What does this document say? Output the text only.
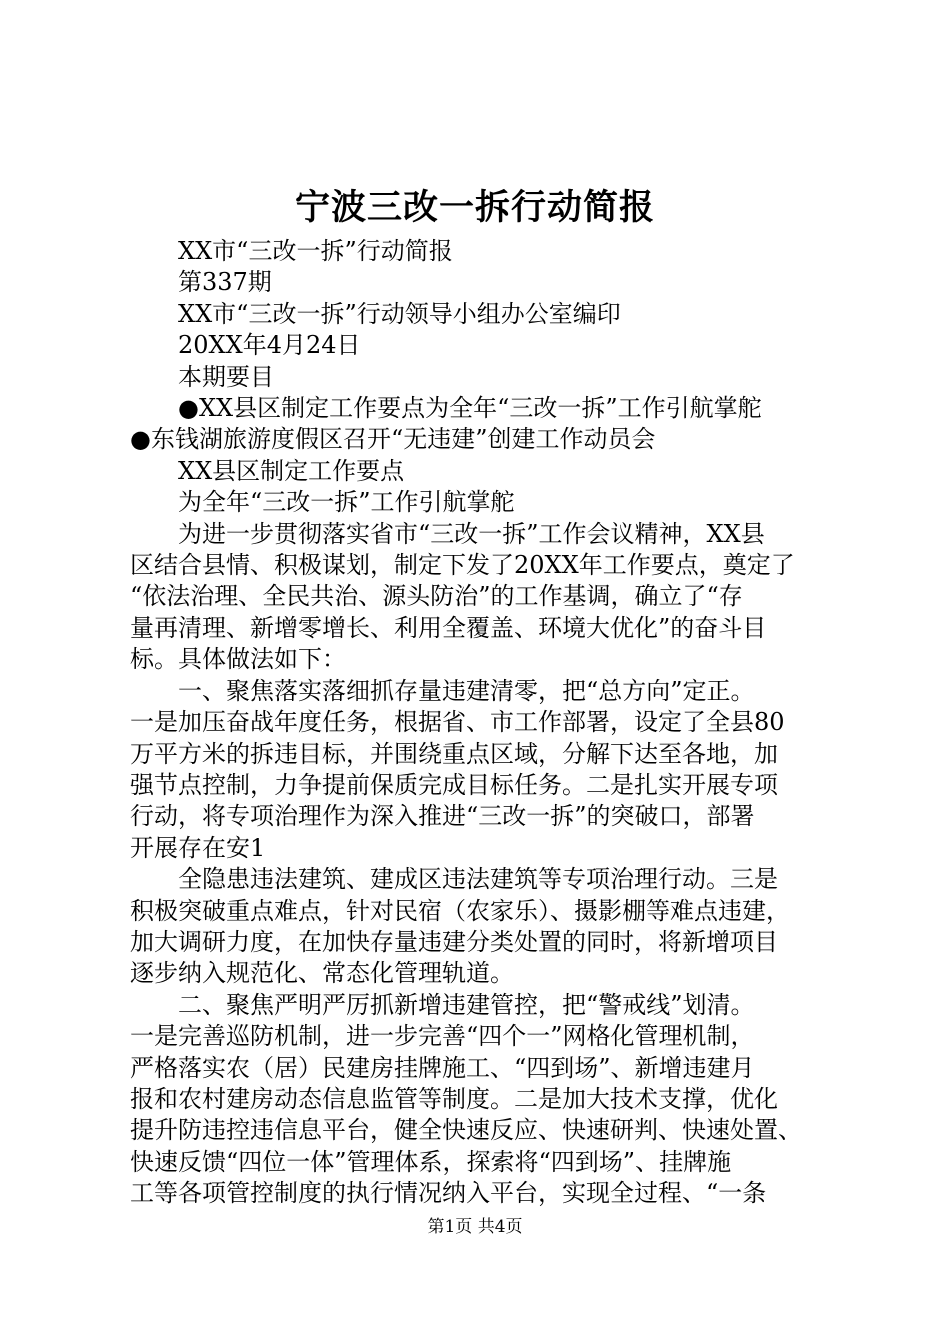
宁波三改一拆行动简报
XX市“三改一拆”行动简报
第337期
XX市“三改一拆”行动领导小组办公室编印
20XX年4月24日
本期要目
●XX县区制定工作要点为全年“三改一拆”工作引航掌舵
●东钱湖旅游度假区召开“无违建”创建工作动员会
XX县区制定工作要点
为全年“三改一拆”工作引航掌舵
为进一步贯彻落实省市“三改一拆”工作会议精神，XX县
区结合县情、积极谋划，制定下发了20XX年工作要点，奠定了
“依法治理、全民共治、源头防治”的工作基调，确立了“存
量再清理、新增零增长、利用全覆盖、环境大优化”的奋斗目
标。具体做法如下：
一、聚焦落实落细抓存量违建清零，把“总方向”定正。
一是加压奋战年度任务，根据省、市工作部署，设定了全县80
万平方米的拆违目标，并围绕重点区域，分解下达至各地，加
强节点控制，力争提前保质完成目标任务。二是扎实开展专项
行动，将专项治理作为深入推进“三改一拆”的突破口，部署
开展存在安1
全隐患违法建筑、建成区违法建筑等专项治理行动。三是
积极突破重点难点，针对民宿（农家乐）、摄影棚等难点违建，
加大调研力度，在加快存量违建分类处置的同时，将新增项目
逐步纳入规范化、常态化管理轨道。
二、聚焦严明严厉抓新增违建管控，把“警戒线”划清。
一是完善巡防机制，进一步完善“四个一”网格化管理机制，
严格落实农（居）民建房挂牌施工、“四到场”、新增违建月
报和农村建房动态信息监管等制度。二是加大技术支撑，优化
提升防违控违信息平台，健全快速反应、快速研判、快速处置、
快速反馈“四位一体”管理体系，探索将“四到场”、挂牌施
工等各项管控制度的执行情况纳入平台，实现全过程、“一条
第1页 共4页
